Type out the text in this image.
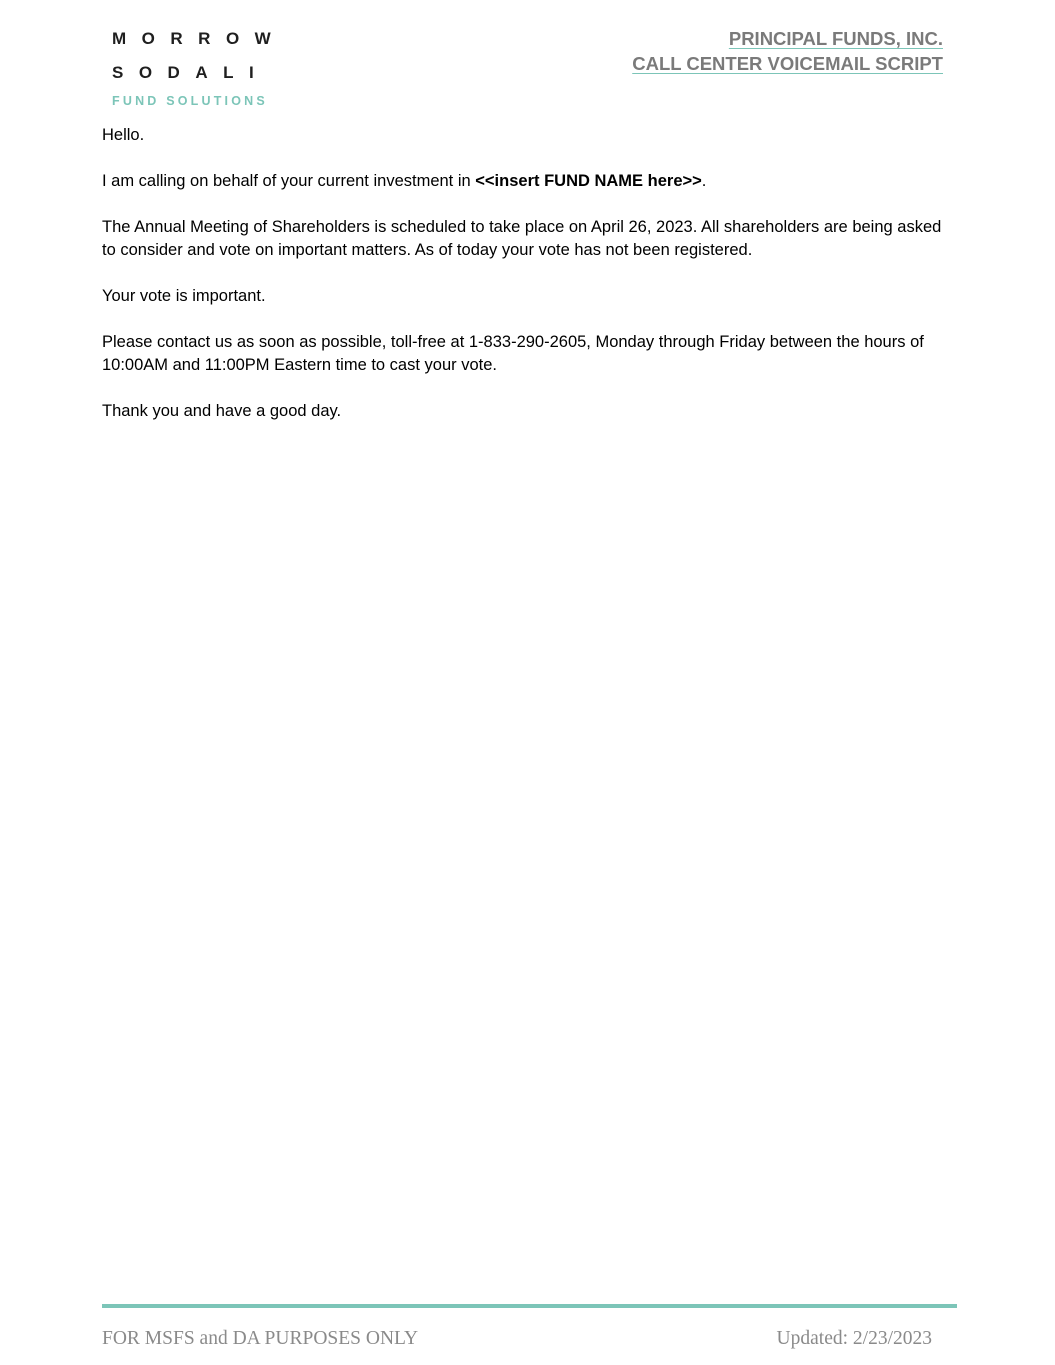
MORROW
SODALI
FUND SOLUTIONS
PRINCIPAL FUNDS, INC.
CALL CENTER VOICEMAIL SCRIPT

Hello.

I am calling on behalf of your current investment in <<insert FUND NAME here>>.

The Annual Meeting of Shareholders is scheduled to take place on April 26, 2023. All shareholders are being asked to consider and vote on important matters. As of today your vote has not been registered.

Your vote is important.

Please contact us as soon as possible, toll-free at 1-833-290-2605, Monday through Friday between the hours of 10:00AM and 11:00PM Eastern time to cast your vote.

Thank you and have a good day.

FOR MSFS and DA PURPOSES ONLY	Updated: 2/23/2023
